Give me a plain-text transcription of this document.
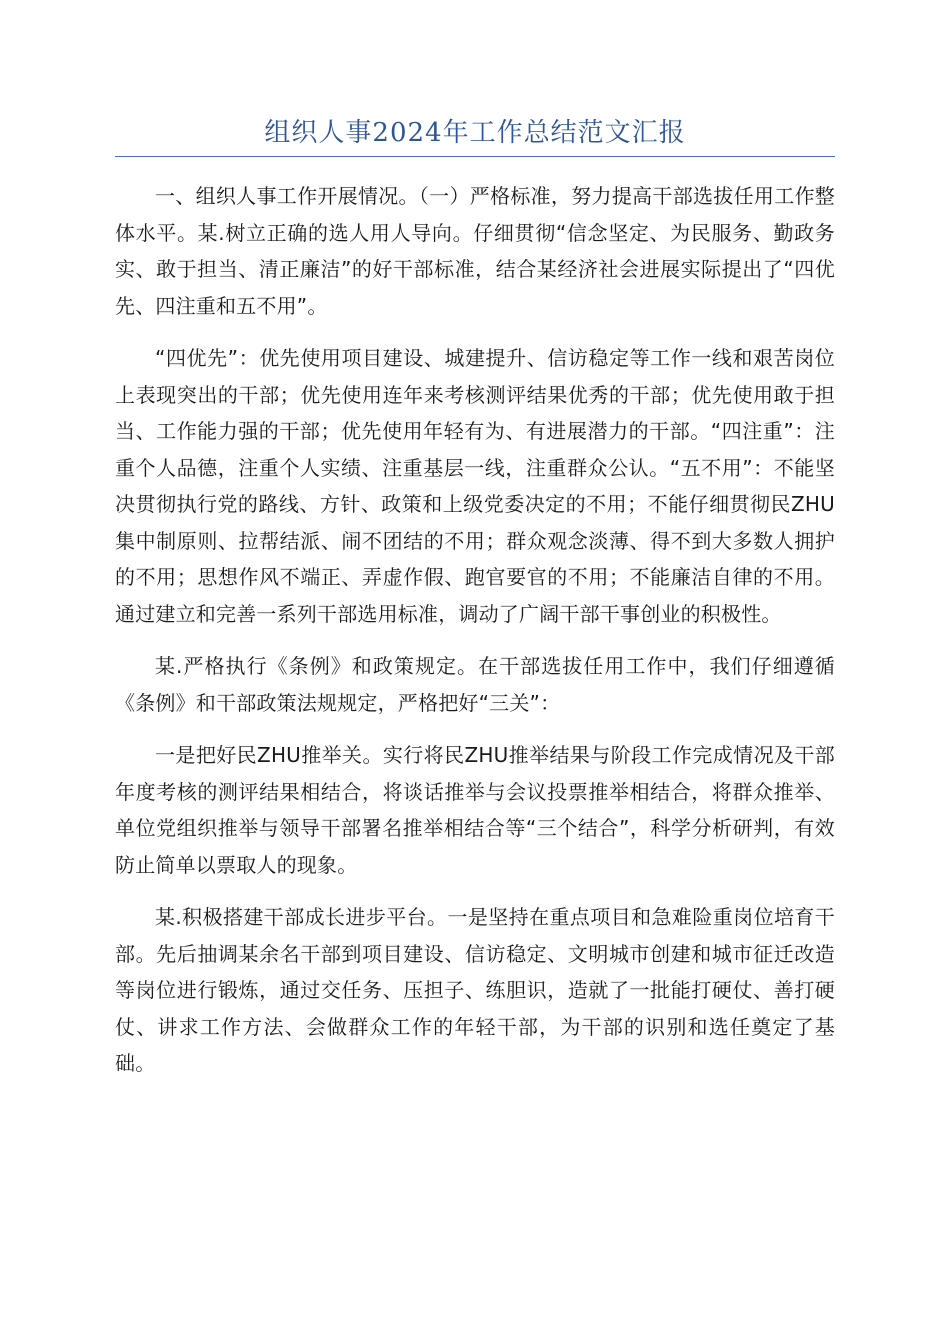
组织人事2024年工作总结范文汇报

一、组织人事工作开展情况。（一）严格标准，努力提高干部选拔任用工作整体水平。某.树立正确的选人用人导向。仔细贯彻“信念坚定、为民服务、勤政务实、敢于担当、清正廉洁”的好干部标准，结合某经济社会进展实际提出了“四优先、四注重和五不用”。

“四优先”：优先使用项目建设、城建提升、信访稳定等工作一线和艰苦岗位上表现突出的干部；优先使用连年来考核测评结果优秀的干部；优先使用敢于担当、工作能力强的干部；优先使用年轻有为、有进展潜力的干部。“四注重”：注重个人品德，注重个人实绩、注重基层一线，注重群众公认。“五不用”：不能坚决贯彻执行党的路线、方针、政策和上级党委决定的不用；不能仔细贯彻民ZHU集中制原则、拉帮结派、闹不团结的不用；群众观念淡薄、得不到大多数人拥护的不用；思想作风不端正、弄虚作假、跑官要官的不用；不能廉洁自律的不用。通过建立和完善一系列干部选用标准，调动了广阔干部干事创业的积极性。

某.严格执行《条例》和政策规定。在干部选拔任用工作中，我们仔细遵循《条例》和干部政策法规规定，严格把好“三关”：

一是把好民ZHU推举关。实行将民ZHU推举结果与阶段工作完成情况及干部年度考核的测评结果相结合，将谈话推举与会议投票推举相结合，将群众推举、单位党组织推举与领导干部署名推举相结合等“三个结合”，科学分析研判，有效防止简单以票取人的现象。

某.积极搭建干部成长进步平台。一是坚持在重点项目和急难险重岗位培育干部。先后抽调某余名干部到项目建设、信访稳定、文明城市创建和城市征迁改造等岗位进行锻炼，通过交任务、压担子、练胆识，造就了一批能打硬仗、善打硬仗、讲求工作方法、会做群众工作的年轻干部，为干部的识别和选任奠定了基础。
